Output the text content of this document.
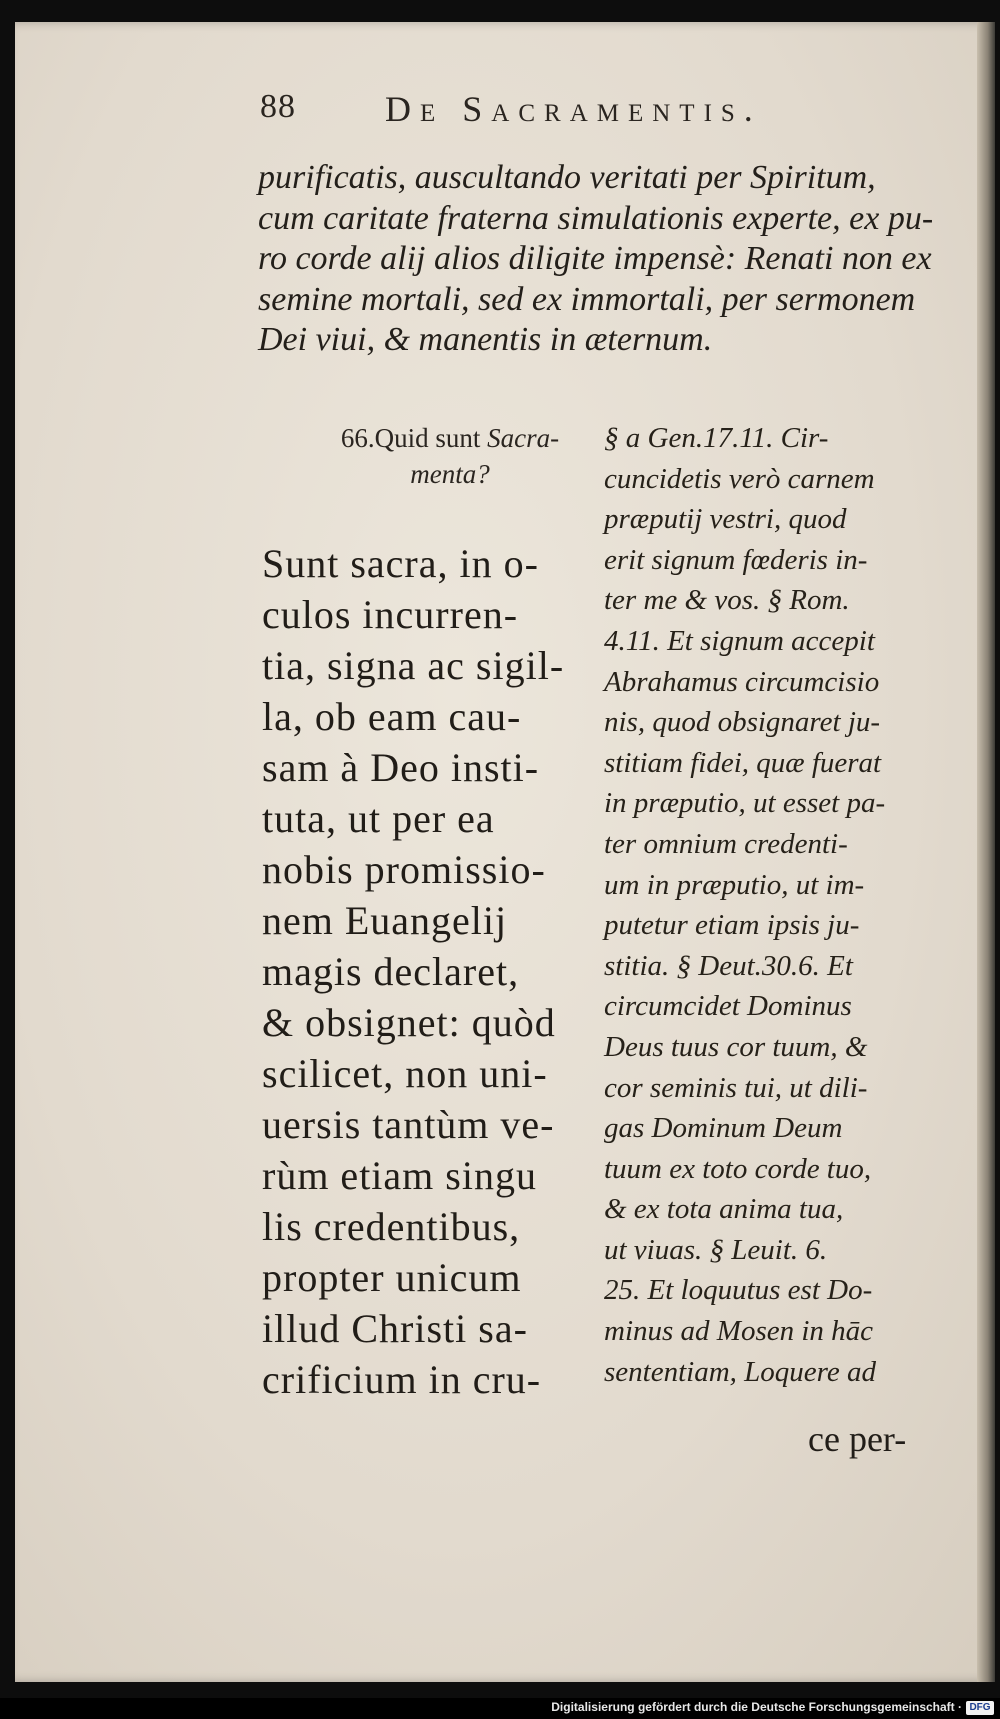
88 De Sacramentis.
purificatis, auscultando veritati per Spiritum,
cum caritate fraterna simulationis experte, ex pu-
ro corde alij alios diligite impensè: Renati non ex
semine mortali, sed ex immortali, per sermonem
Dei viui, & manentis in æternum.
66.Quid sunt Sacra-
menta?
Sunt sacra, in o-
culos incurren-
tia, signa ac sigil-
la, ob eam cau-
sam à Deo insti-
tuta, ut per ea
nobis promissio-
nem Euangelij
magis declaret,
& obsignet: quòd
scilicet, non uni-
uersis tantùm ve-
rùm etiam singu
lis credentibus,
propter unicum
illud Christi sa-
crificium in cru-
§ a Gen.17.11. Cir-
cuncidetis verò carnem
præputij vestri, quod
erit signum fœderis in-
ter me & vos. § Rom.
4.11. Et signum accepit
Abrahamus circumcisio
nis, quod obsignaret ju-
stitiam fidei, quæ fuerat
in præputio, ut esset pa-
ter omnium credenti-
um in præputio, ut im-
putetur etiam ipsis ju-
stitia. § Deut.30.6. Et
circumcidet Dominus
Deus tuus cor tuum, &
cor seminis tui, ut dili-
gas Dominum Deum
tuum ex toto corde tuo,
& ex tota anima tua,
ut viuas. § Leuit. 6.
25. Et loquutus est Do-
minus ad Mosen in hāc
sententiam, Loquere ad
ce per-
Digitalisierung gefördert durch die Deutsche Forschungsgemeinschaft · DFG
